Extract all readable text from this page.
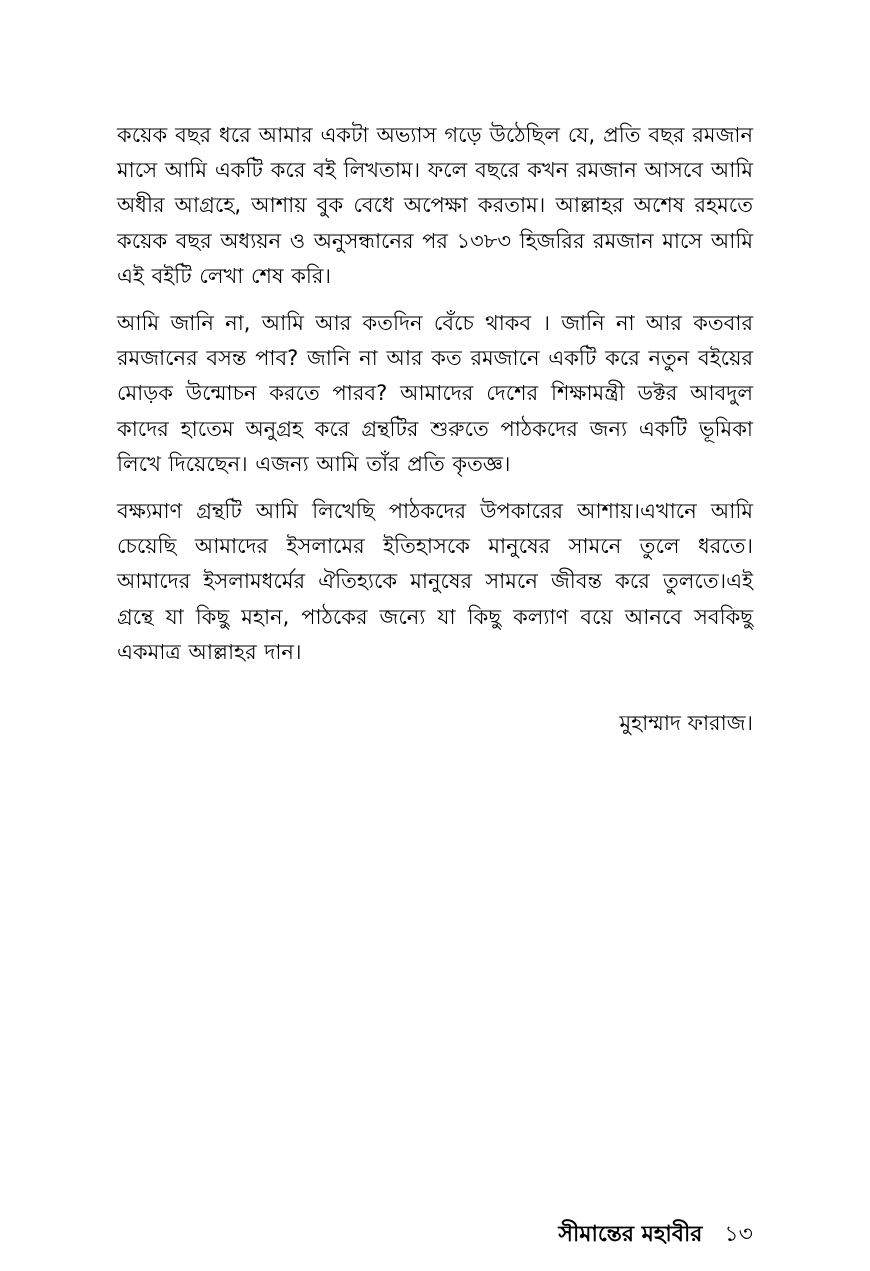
কয়েক বছর ধরে আমার একটা অভ্যাস গড়ে উঠেছিল যে, প্রতি বছর রমজান মাসে আমি একটি করে বই লিখতাম। ফলে বছরে কখন রমজান আসবে আমি অধীর আগ্রহে, আশায় বুক বেধে অপেক্ষা করতাম। আল্লাহর অশেষ রহমতে কয়েক বছর অধ্যয়ন ও অনুসন্ধানের পর ১৩৮৩ হিজরির রমজান মাসে আমি এই বইটি লেখা শেষ করি।

আমি জানি না, আমি আর কতদিন বেঁচে থাকব । জানি না আর কতবার রমজানের বসন্ত পাব? জানি না আর কত রমজানে একটি করে নতুন বইয়ের মোড়ক উন্মোচন করতে পারব? আমাদের দেশের শিক্ষামন্ত্রী ডক্টর আবদুল কাদের হাতেম অনুগ্রহ করে গ্রন্থটির শুরুতে পাঠকদের জন্য একটি ভূমিকা লিখে দিয়েছেন। এজন্য আমি তাঁর প্রতি কৃতজ্ঞ।

বক্ষ্যমাণ গ্রন্থটি আমি লিখেছি পাঠকদের উপকারের আশায়।এখানে আমি চেয়েছি আমাদের ইসলামের ইতিহাসকে মানুষের সামনে তুলে ধরতে। আমাদের ইসলামধর্মের ঐতিহ্যকে মানুষের সামনে জীবন্ত করে তুলতে।এই গ্রন্থে যা কিছু মহান, পাঠকের জন্যে যা কিছু কল্যাণ বয়ে আনবে সবকিছু একমাত্র আল্লাহর দান।

মুহাম্মাদ ফারাজ।
সীমান্তের মহাবীর ১৩
